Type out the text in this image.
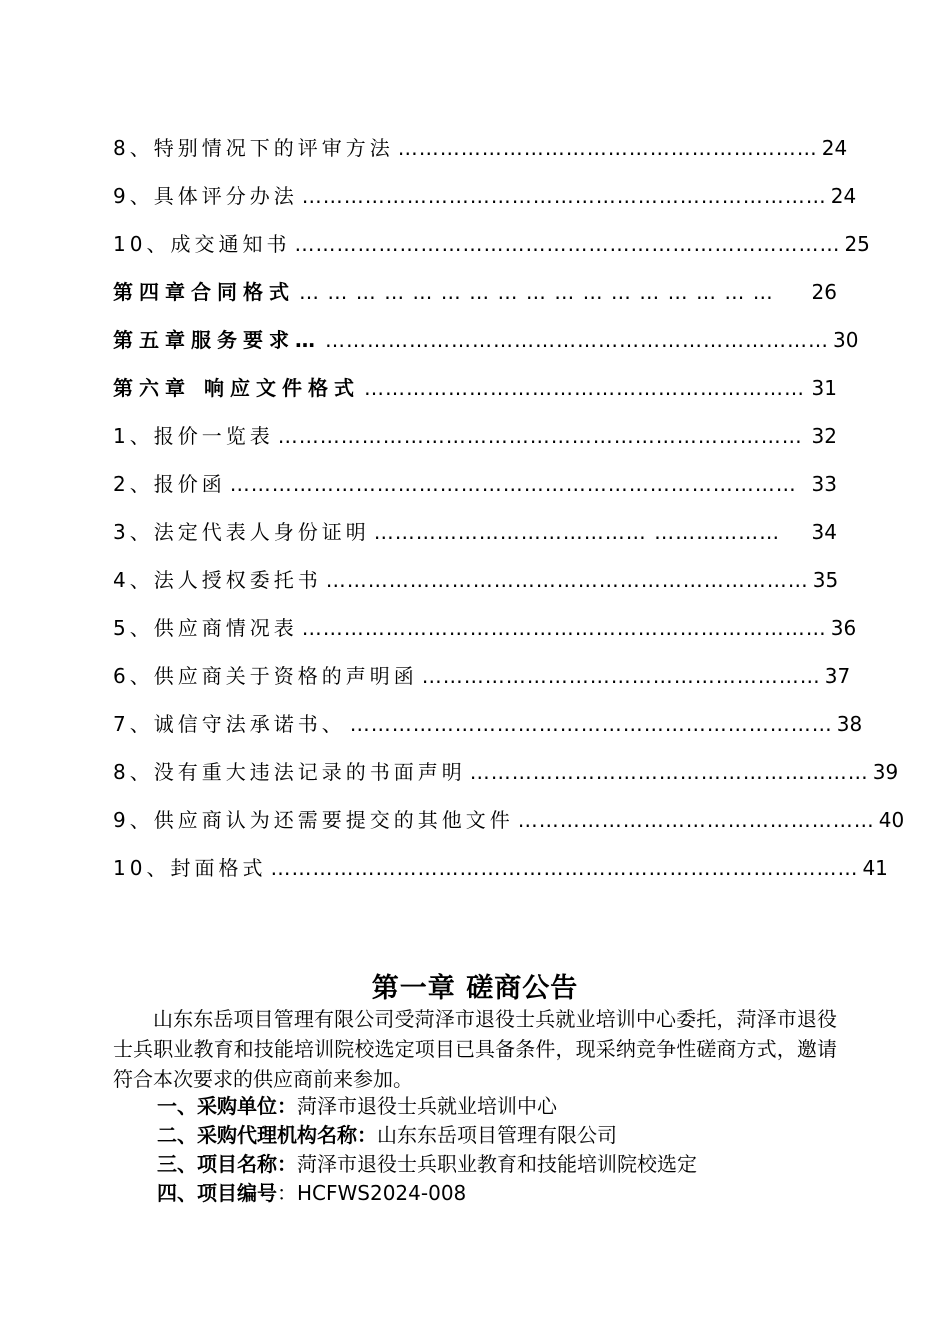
8、特别情况下的评审方法 …………………………………………………… 24
9、具体评分办法 ………………………………………………………………… 24
10、成交通知书 …………………………………………………………………… 25
第四章合同格式 … … … … … … … … … … … … … … … … …	26
第五章服务要求… ……………………………………………………………… 30
第六章 响应文件格式 ……………………………………………………… 31
1、报价一览表 ………………………………………………………………… 32
2、报价函 ……………………………………………………………………… 33
3、法定代表人身份证明 ………………………………… ………………	34
4、法人授权委托书 …………………………………………………………… 35
5、供应商情况表 ………………………………………………………………… 36
6、供应商关于资格的声明函 ………………………………………………… 37
7、诚信守法承诺书、 …………………………………………………………… 38
8、没有重大违法记录的书面声明 ………………………………………………… 39
9、供应商认为还需要提交的其他文件 …………………………………………… 40
10、封面格式 ………………………………………………………………………… 41
第一章 磋商公告

山东东岳项目管理有限公司受菏泽市退役士兵就业培训中心委托，菏泽市退役士兵职业教育和技能培训院校选定项目已具备条件，现采纳竞争性磋商方式，邀请符合本次要求的供应商前来参加。

一、采购单位：菏泽市退役士兵就业培训中心
二、采购代理机构名称：山东东岳项目管理有限公司
三、项目名称：菏泽市退役士兵职业教育和技能培训院校选定
四、项目编号：HCFWS2024-008
